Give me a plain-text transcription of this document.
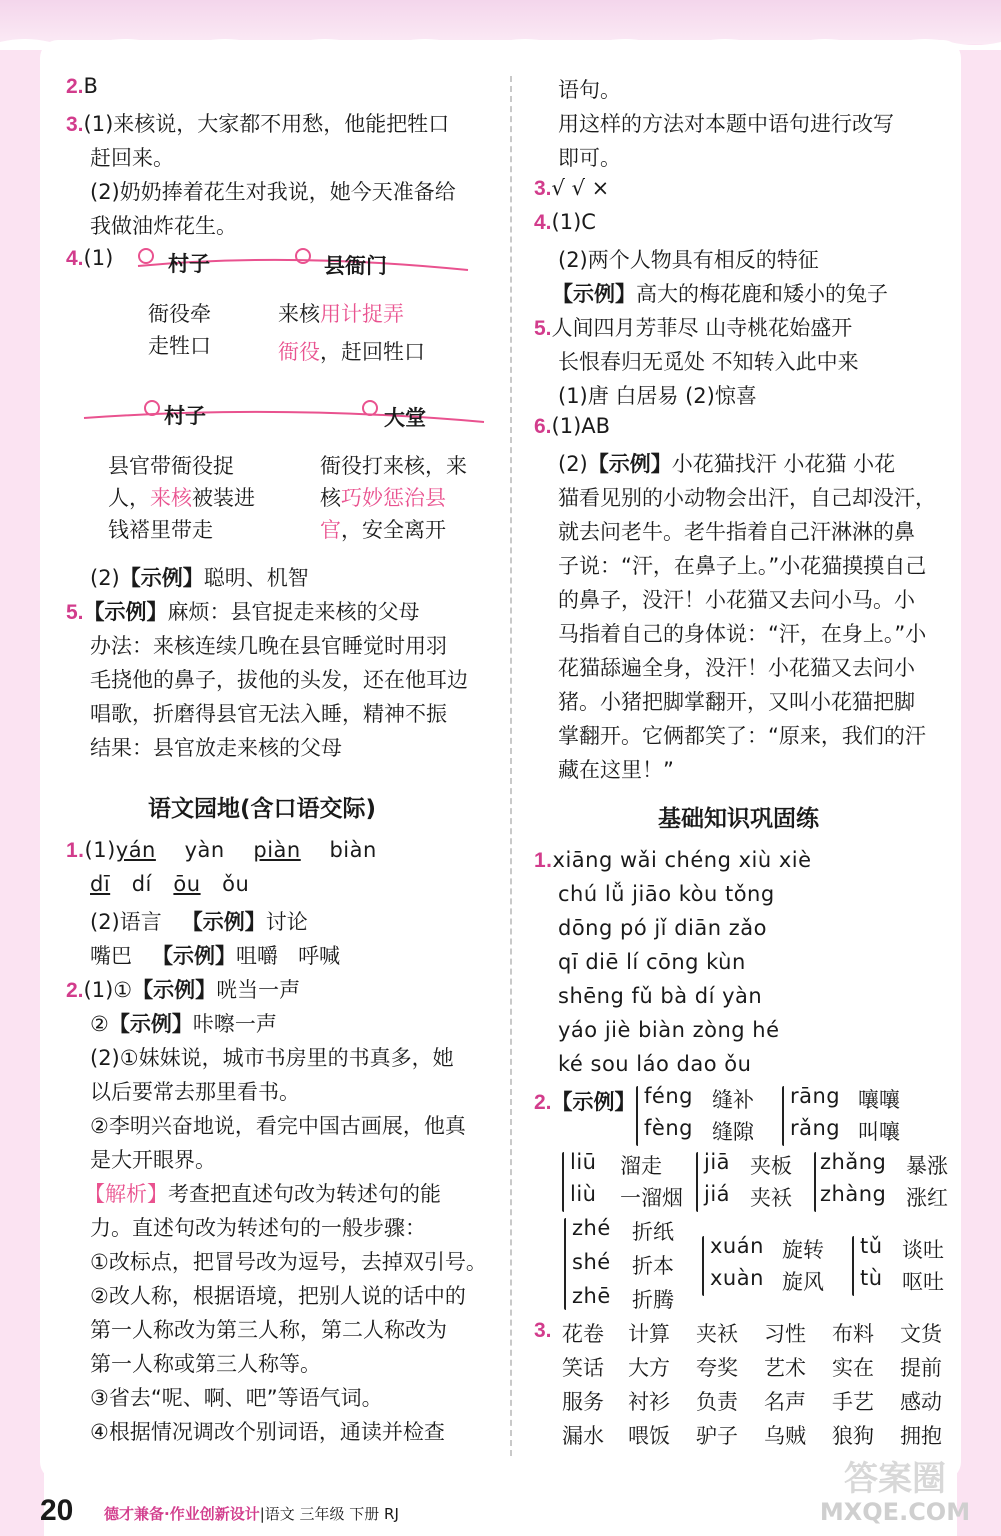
2.B
3.(1)来核说，大家都不用愁，他能把牲口
赶回来。
(2)奶奶捧着花生对我说，她今天准备给
我做油炸花生。
4.(1)	村子	县衙门
衙役牵
走牲口
来核用计捉弄
衙役，赶回牲口
村子	大堂
县官带衙役捉
人，来核被装进
钱褡里带走
衙役打来核，来
核巧妙惩治县
官，安全离开
(2)【示例】聪明、机智
5.【示例】麻烦：县官捉走来核的父母
办法：来核连续几晚在县官睡觉时用羽
毛挠他的鼻子，拔他的头发，还在他耳边
唱歌，折磨得县官无法入睡，精神不振
结果：县官放走来核的父母
语文园地(含口语交际)
1.(1)yán yàn piàn biàn
dī dí ōu ǒu
(2)语言 【示例】讨论
嘴巴 【示例】咀嚼 呼喊
2.(1)①【示例】咣当一声
②【示例】咔嚓一声
(2)①妹妹说，城市书房里的书真多，她
以后要常去那里看书。
②李明兴奋地说，看完中国古画展，他真
是大开眼界。
【解析】考查把直述句改为转述句的能
力。直述句改为转述句的一般步骤：
①改标点，把冒号改为逗号，去掉双引号。
②改人称，根据语境，把别人说的话中的
第一人称改为第三人称，第二人称改为
第一人称或第三人称等。
③省去“呢、啊、吧”等语气词。
④根据情况调改个别词语，通读并检查
语句。
用这样的方法对本题中语句进行改写
即可。
3.√ √ ×
4.(1)C
(2)两个人物具有相反的特征
【示例】高大的梅花鹿和矮小的兔子
5.人间四月芳菲尽 山寺桃花始盛开
长恨春归无觅处 不知转入此中来
(1)唐 白居易 (2)惊喜
6.(1)AB
(2)【示例】小花猫找汗 小花猫 小花
猫看见别的小动物会出汗，自己却没汗，
就去问老牛。老牛指着自己汗淋淋的鼻
子说：“汗，在鼻子上。”小花猫摸摸自己
的鼻子，没汗！小花猫又去问小马。小
马指着自己的身体说：“汗，在身上。”小
花猫舔遍全身，没汗！小花猫又去问小
猪。小猪把脚掌翻开，又叫小花猫把脚
掌翻开。它俩都笑了：“原来，我们的汗
藏在这里！”
基础知识巩固练
1.xiāng wǎi chéng xiù xiè
chú lǚ jiāo kòu tǒng
dōng pó jǐ diān zǎo
qī diē lí cōng kùn
shēng fǔ bà dí yàn
yáo jiè biàn zòng hé
ké sou láo dao ǒu
2.【示例】 féng 缝补
fèng 缝隙
rāng 嚷嚷
rǎng 叫嚷
liū 溜走
liù 一溜烟
jiā 夹板
jiá 夹袄
zhǎng 暴涨
zhàng 涨红
zhé 折纸
shé 折本
zhē 折腾
xuán 旋转
xuàn 旋风
tǔ 谈吐
tù 呕吐
3. 花卷 计算 夹袄 习性 布料 文货
笑话 大方 夸奖 艺术 实在 提前
服务 衬衫 负责 名声 手艺 感动
漏水 喂饭 驴子 乌贼 狼狗 拥抱
20 德才兼备·作业创新设计|语文 三年级 下册 RJ
答案圈
MXQE.COM
